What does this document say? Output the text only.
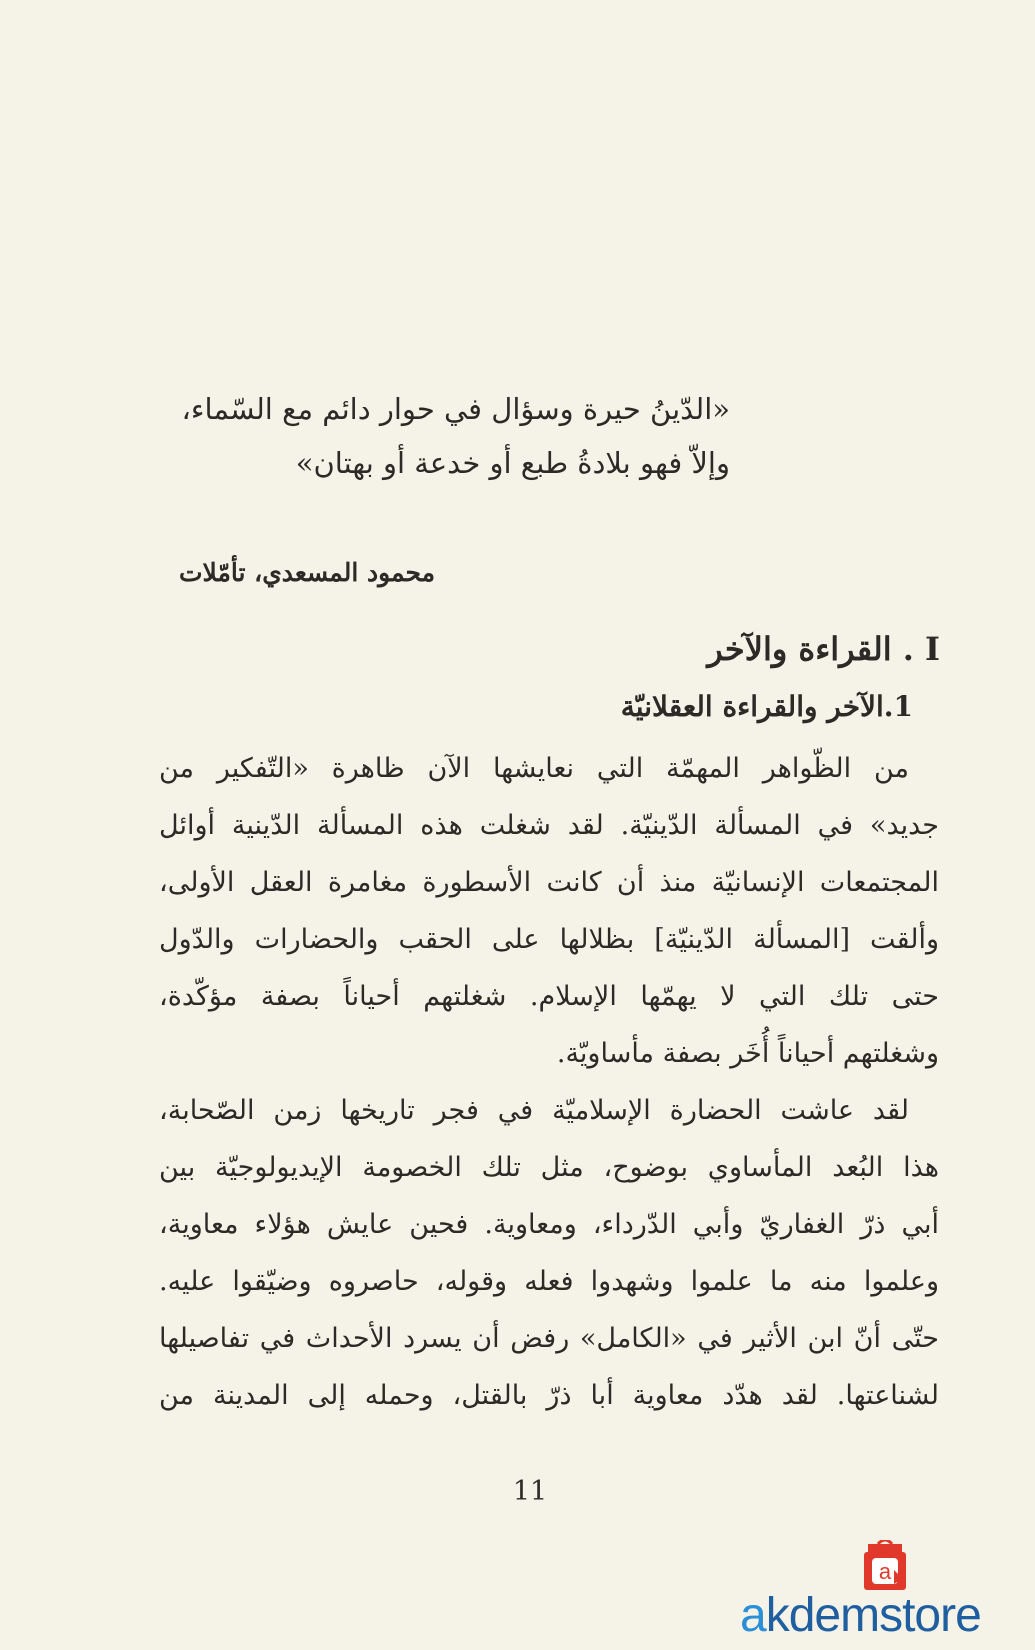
«الدّينُ حيرة وسؤال في حوار دائم مع السّماء،
وإلاّ فهو بلادةُ طبع أو خدعة أو بهتان»
محمود المسعدي، تأمّلات
I . القراءة والآخر
1.الآخر والقراءة العقلانيّة
من الظّواهر المهمّة التي نعايشها الآن ظاهرة «التّفكير من
جديد» في المسألة الدّينيّة. لقد شغلت هذه المسألة الدّينية أوائل
المجتمعات الإنسانيّة منذ أن كانت الأسطورة مغامرة العقل الأولى،
وألقت [المسألة الدّينيّة] بظلالها على الحقب والحضارات والدّول
حتى تلك التي لا يهمّها الإسلام. شغلتهم أحياناً بصفة مؤكّدة،
وشغلتهم أحياناً أُخَر بصفة مأساويّة.
لقد عاشت الحضارة الإسلاميّة في فجر تاريخها زمن الصّحابة،
هذا البُعد المأساوي بوضوح، مثل تلك الخصومة الإيديولوجيّة بين
أبي ذرّ الغفاريّ وأبي الدّرداء، ومعاوية. فحين عايش هؤلاء معاوية،
وعلموا منه ما علموا وشهدوا فعله وقوله، حاصروه وضيّقوا عليه.
حتّى أنّ ابن الأثير في «الكامل» رفض أن يسرد الأحداث في تفاصيلها
لشناعتها. لقد هدّد معاوية أبا ذرّ بالقتل، وحمله إلى المدينة من
11
a
akdemstore
